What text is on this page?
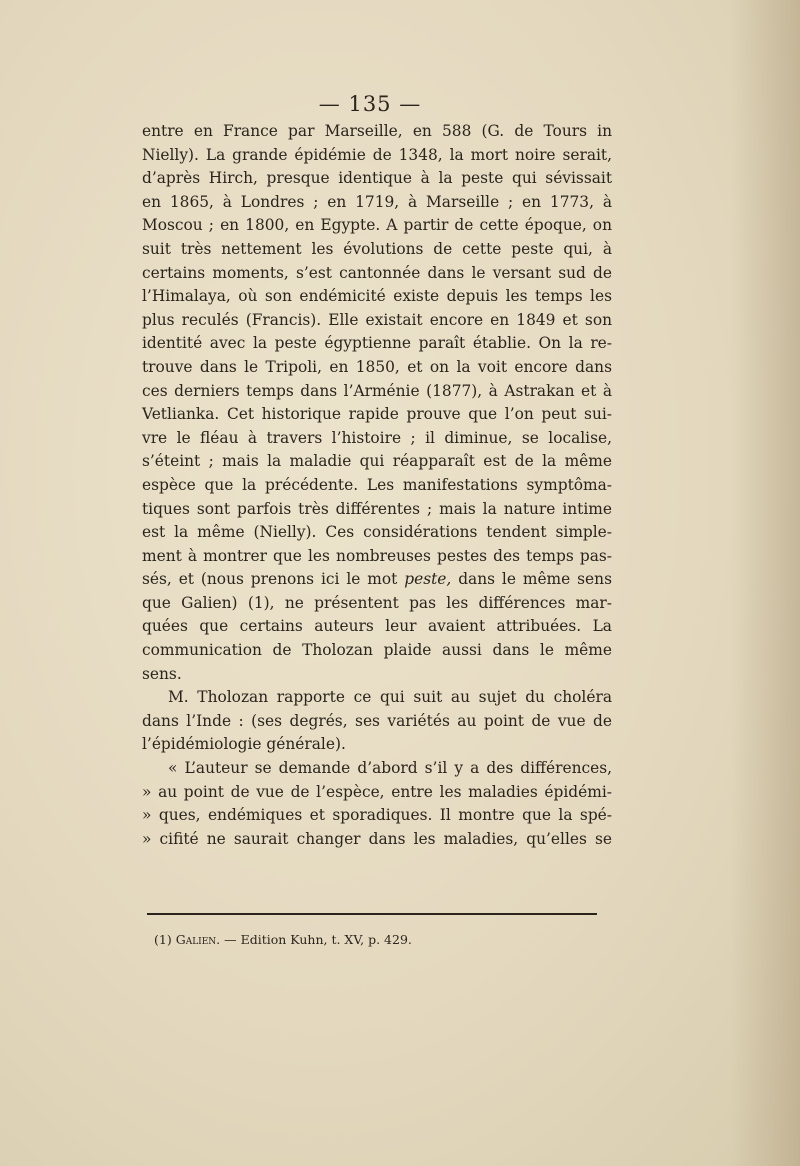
— 135 —
entre en France par Marseille, en 588 (G. de Tours in
Nielly). La grande épidémie de 1348, la mort noire serait,
d’après Hirch, presque identique à la peste qui sévissait
en 1865, à Londres ; en 1719, à Marseille ; en 1773, à
Moscou ; en 1800, en Egypte. A partir de cette époque, on
suit très nettement les évolutions de cette peste qui, à
certains moments, s’est cantonnée dans le versant sud de
l’Himalaya, où son endémicité existe depuis les temps les
plus reculés (Francis). Elle existait encore en 1849 et son
identité avec la peste égyptienne paraît établie. On la re-
trouve dans le Tripoli, en 1850, et on la voit encore dans
ces derniers temps dans l’Arménie (1877), à Astrakan et à
Vetlianka. Cet historique rapide prouve que l’on peut sui-
vre le fléau à travers l’histoire ; il diminue, se localise,
s’éteint ; mais la maladie qui réapparaît est de la même
espèce que la précédente. Les manifestations symptôma-
tiques sont parfois très différentes ; mais la nature intime
est la même (Nielly). Ces considérations tendent simple-
ment à montrer que les nombreuses pestes des temps pas-
sés, et (nous prenons ici le mot peste, dans le même sens
que Galien) (1), ne présentent pas les différences mar-
quées que certains auteurs leur avaient attribuées. La
communication de Tholozan plaide aussi dans le même
sens.
M. Tholozan rapporte ce qui suit au sujet du choléra
dans l’Inde : (ses degrés, ses variétés au point de vue de
l’épidémiologie générale).
« L’auteur se demande d’abord s’il y a des différences,
» au point de vue de l’espèce, entre les maladies épidémi-
» ques, endémiques et sporadiques. Il montre que la spé-
» cifité ne saurait changer dans les maladies, qu’elles se
(1) Galien. — Edition Kuhn, t. XV, p. 429.
